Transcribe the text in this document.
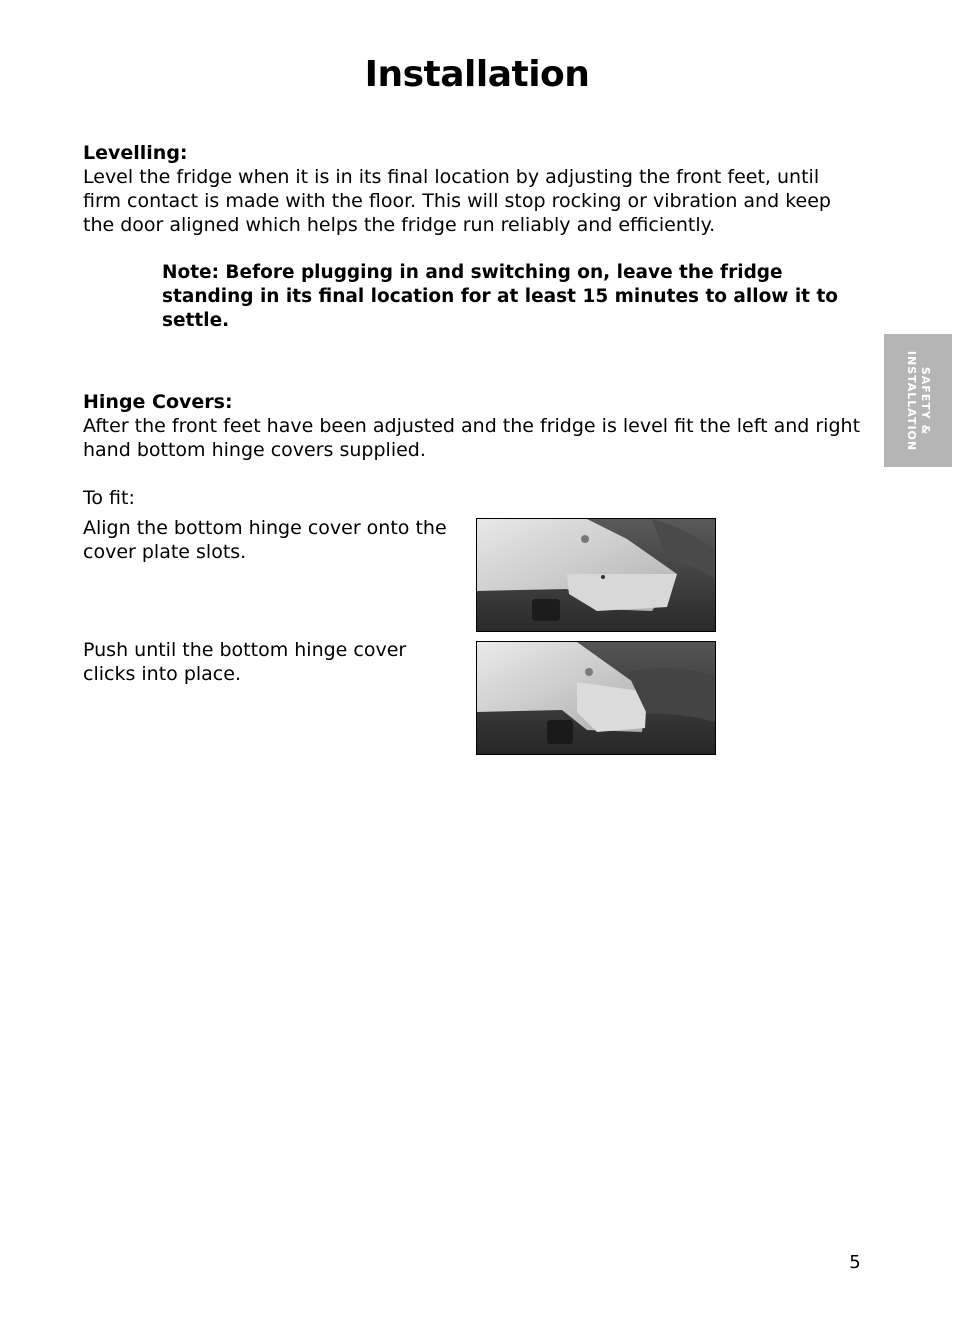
Installation
Levelling:
Level the fridge when it is in its final location by adjusting the front feet, until firm contact is made with the floor. This will stop rocking or vibration and keep the door aligned which helps the fridge run reliably and efficiently.
Note: Before plugging in and switching on, leave the fridge standing in its final location for at least 15 minutes to allow it to settle.
SAFETY &
INSTALLATION
Hinge Covers:
After the front feet have been adjusted and the fridge is level fit the left and right hand bottom hinge covers supplied.
To fit:
Align the bottom hinge cover onto the cover plate slots.
Push until the bottom hinge cover clicks into place.
5
